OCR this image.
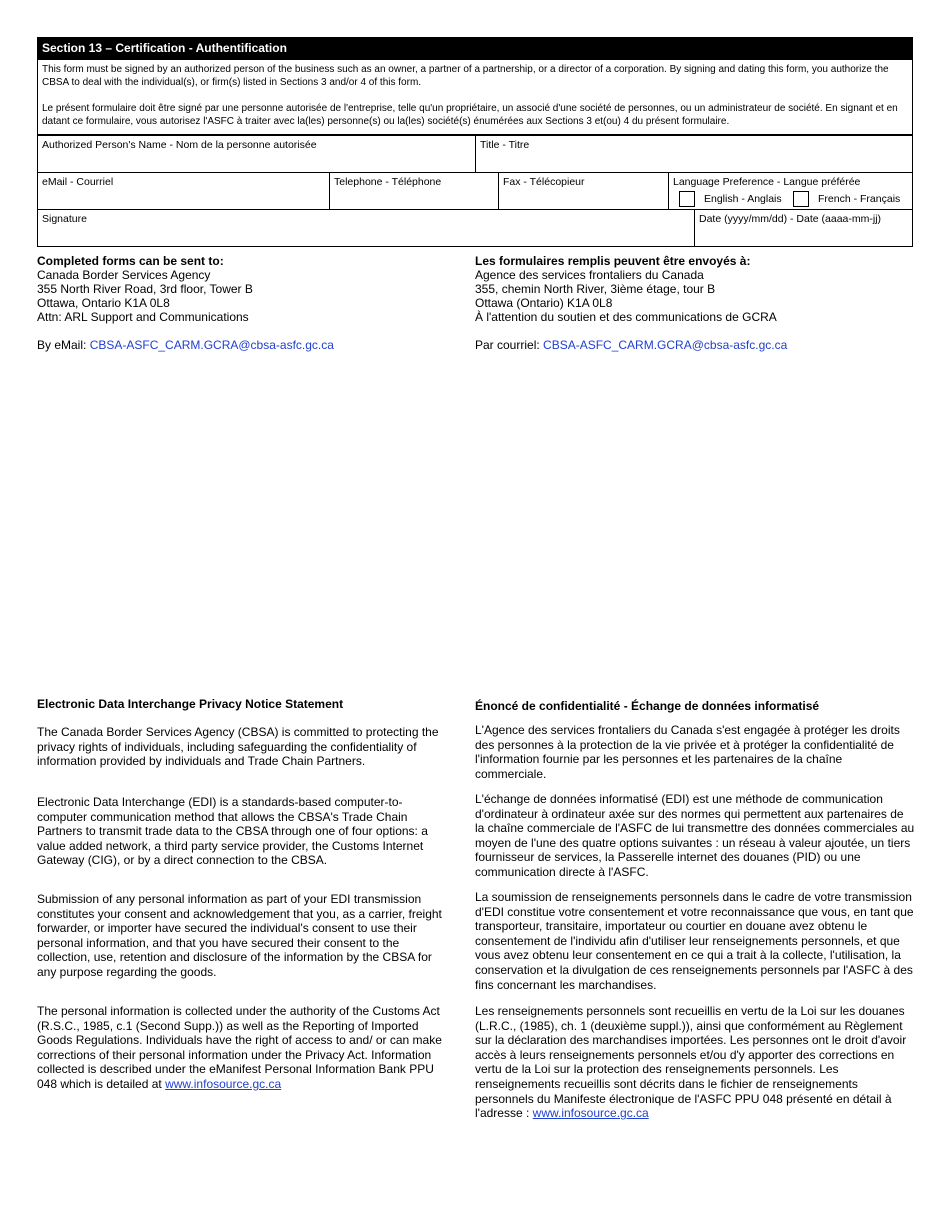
Section 13 – Certification - Authentification

This form must be signed by an authorized person of the business such as an owner, a partner of a partnership, or a director of a corporation. By signing and dating this form, you authorize the CBSA to deal with the individual(s), or firm(s) listed in Sections 3 and/or 4 of this form.

Le présent formulaire doit être signé par une personne autorisée de l'entreprise, telle qu'un propriétaire, un associé d'une société de personnes, ou un administrateur de société. En signant et en datant ce formulaire, vous autorisez l'ASFC à traiter avec la(les) personne(s) ou la(les) société(s) énumérées aux Sections 3 et(ou) 4 du présent formulaire.

Authorized Person's Name - Nom de la personne autorisée	Title - Titre
eMail - Courriel	Telephone - Téléphone	Fax - Télécopieur	Language Preference - Langue préférée
English - Anglais	French - Français
Signature	Date (yyyy/mm/dd) - Date (aaaa-mm-jj)
Completed forms can be sent to:
Canada Border Services Agency
355 North River Road, 3rd floor, Tower B
Ottawa, Ontario K1A 0L8
Attn: ARL Support and Communications
By eMail: CBSA-ASFC_CARM.GCRA@cbsa-asfc.gc.ca
Les formulaires remplis peuvent être envoyés à:
Agence des services frontaliers du Canada
355, chemin North River, 3ième étage, tour B
Ottawa (Ontario) K1A 0L8
À l'attention du soutien et des communications de GCRA
Par courriel: CBSA-ASFC_CARM.GCRA@cbsa-asfc.gc.ca
Electronic Data Interchange Privacy Notice Statement

The Canada Border Services Agency (CBSA) is committed to protecting the privacy rights of individuals, including safeguarding the confidentiality of information provided by individuals and Trade Chain Partners.

Electronic Data Interchange (EDI) is a standards-based computer-to-computer communication method that allows the CBSA's Trade Chain Partners to transmit trade data to the CBSA through one of four options: a value added network, a third party service provider, the Customs Internet Gateway (CIG), or by a direct connection to the CBSA.

Submission of any personal information as part of your EDI transmission constitutes your consent and acknowledgement that you, as a carrier, freight forwarder, or importer have secured the individual's consent to use their personal information, and that you have secured their consent to the collection, use, retention and disclosure of the information by the CBSA for any purpose regarding the goods.

The personal information is collected under the authority of the Customs Act (R.S.C., 1985, c.1 (Second Supp.)) as well as the Reporting of Imported Goods Regulations. Individuals have the right of access to and/ or can make corrections of their personal information under the Privacy Act. Information collected is described under the eManifest Personal Information Bank PPU 048 which is detailed at www.infosource.gc.ca

Énoncé de confidentialité - Échange de données informatisé

L'Agence des services frontaliers du Canada s'est engagée à protéger les droits des personnes à la protection de la vie privée et à protéger la confidentialité de l'information fournie par les personnes et les partenaires de la chaîne commerciale.

L'échange de données informatisé (EDI) est une méthode de communication d'ordinateur à ordinateur axée sur des normes qui permettent aux partenaires de la chaîne commerciale de l'ASFC de lui transmettre des données commerciales au moyen de l'une des quatre options suivantes : un réseau à valeur ajoutée, un tiers fournisseur de services, la Passerelle internet des douanes (PID) ou une communication directe à l'ASFC.

La soumission de renseignements personnels dans le cadre de votre transmission d'EDI constitue votre consentement et votre reconnaissance que vous, en tant que transporteur, transitaire, importateur ou courtier en douane avez obtenu le consentement de l'individu afin d'utiliser leur renseignements personnels, et que vous avez obtenu leur consentement en ce qui a trait à la collecte, l'utilisation, la conservation et la divulgation de ces renseignements personnels par l'ASFC à des fins concernant les marchandises.

Les renseignements personnels sont recueillis en vertu de la Loi sur les douanes (L.R.C., (1985), ch. 1 (deuxième suppl.)), ainsi que conformément au Règlement sur la déclaration des marchandises importées. Les personnes ont le droit d'avoir accès à leurs renseignements personnels et/ou d'y apporter des corrections en vertu de la Loi sur la protection des renseignements personnels. Les renseignements recueillis sont décrits dans le fichier de renseignements personnels du Manifeste électronique de l'ASFC PPU 048 présenté en détail à l'adresse : www.infosource.gc.ca
